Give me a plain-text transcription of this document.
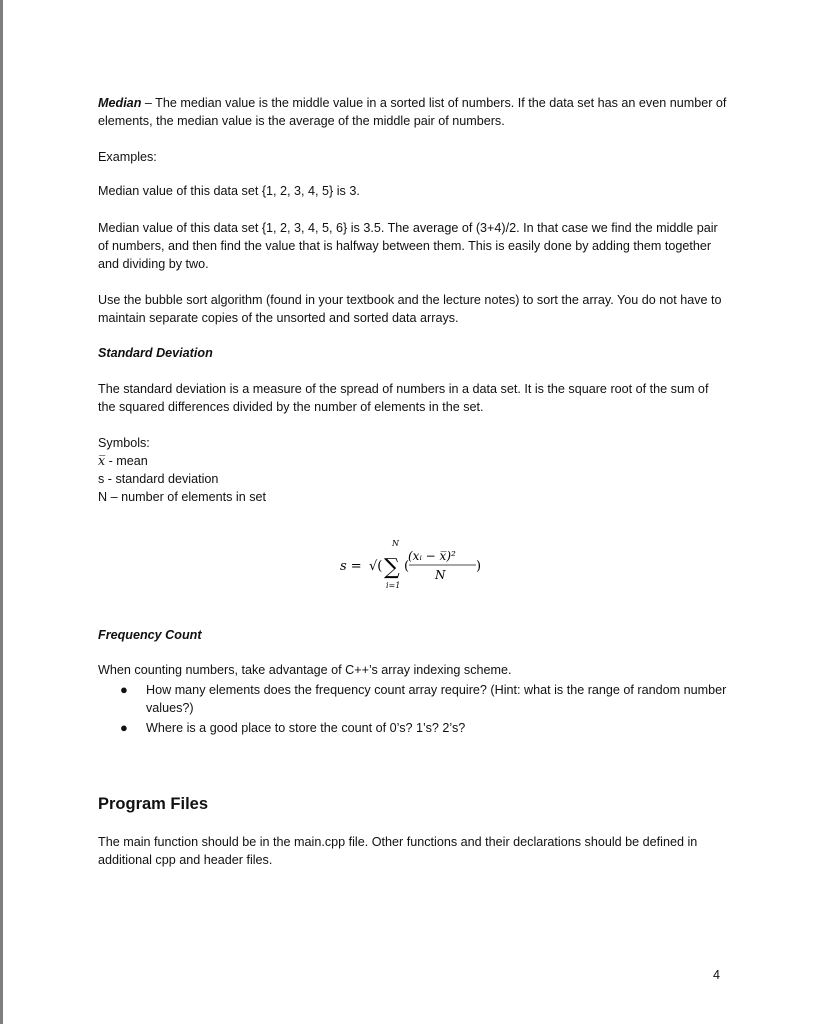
Median – The median value is the middle value in a sorted list of numbers. If the data set has an even number of elements, the median value is the average of the middle pair of numbers.
Examples:
Median value of this data set {1, 2, 3, 4, 5} is 3.
Median value of this data set {1, 2, 3, 4, 5, 6} is 3.5. The average of (3+4)/2. In that case we find the middle pair of numbers, and then find the value that is halfway between them. This is easily done by adding them together and dividing by two.
Use the bubble sort algorithm (found in your textbook and the lecture notes) to sort the array. You do not have to maintain separate copies of the unsorted and sorted data arrays.
Standard Deviation
The standard deviation is a measure of the spread of numbers in a data set. It is the square root of the sum of the squared differences divided by the number of elements in the set.
Symbols:
x̅ - mean
s - standard deviation
N – number of elements in set
s = √( ∑
N
i=1
(
(xᵢ − x̅)²
N
)
Frequency Count
When counting numbers, take advantage of C++’s array indexing scheme.
● How many elements does the frequency count array require? (Hint: what is the range of random number values?)
● Where is a good place to store the count of 0’s? 1’s? 2’s?
Program Files
The main function should be in the main.cpp file. Other functions and their declarations should be defined in additional cpp and header files.
4
